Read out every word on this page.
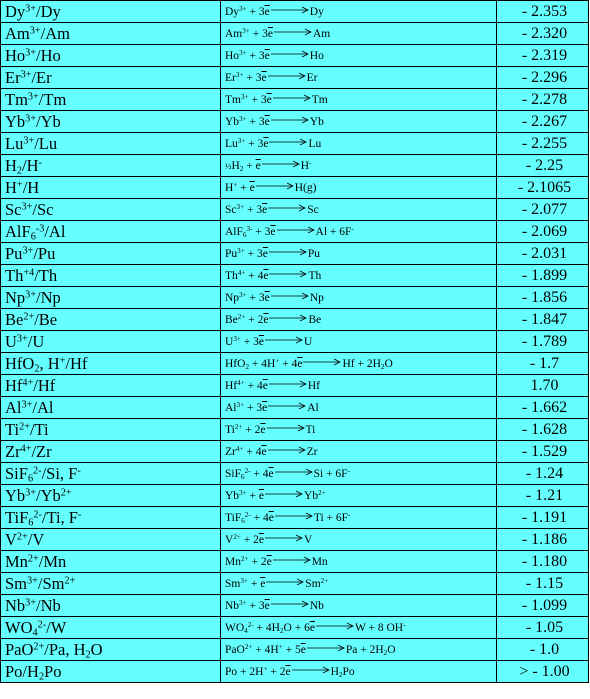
$Dy^{3+}/Dy$	$Dy^{3+} + 3\overline{e}\to Dy$	- 2.353
$Am^{3+}/Am$	$Am^{3+} + 3\overline{e}\to Am$	- 2.320
$Ho^{3+}/Ho$	$Ho^{3+} + 3\overline{e}\to Ho$	- 2.319
$Er^{3+}/Er$	$Er^{3+} + 3\overline{e}\to Er$	- 2.296
$Tm^{3+}/Tm$	$Tm^{3+} + 3\overline{e}\to Tm$	- 2.278
$Yb^{3+}/Yb$	$Yb^{3+} + 3\overline{e}\to Yb$	- 2.267
$Lu^{3+}/Lu$	$Lu^{3+} + 3\overline{e}\to Lu$	- 2.255
$H_2/H^-$	$\frac{1}{2}H_2 + \overline{e}\to H^-$	- 2.25
H+/H	$H^+ + \overline{e}\to H(g)$	- 2.1065
$Sc^{3+}/Sc$	$Sc^{3+} + 3\overline{e}\to Sc$	- 2.077
AlF$_6^{-3}$/Al	$AlF_6^{3-} + 3\overline{e}\to Al + 6F^-$	- 2.069
$Pu^{3+}/Pu$	$Pu^{3+} + 3\overline{e}\to Pu$	- 2.031
$Th^{+4}/Th$	$Th^{4+} + 4\overline{e}\to Th$	- 1.899
$Np^{3+}/Np$	$Np^{3+} + 3\overline{e}\to Np$	- 1.856
$Be^{2+}/Be$	$Be^{2+} + 2\overline{e}\to Be$	- 1.847
$U^{3+}/U$	$U^{3+} + 3\overline{e}\to U$	- 1.789
HfO$_2$, H+/Hf	$HfO_2 + 4H^+ + 4\overline{e}\to Hf + 2H_2O$	- 1.7
$Hf^{4+}/Hf$	$Hf^{4+} + 4\overline{e}\to Hf$	1.70
$Al^{3+}/Al$	$Al^{3+} + 3\overline{e}\to Al$	- 1.662
$Ti^{2+}/Ti$	$Ti^{2+} + 2\overline{e}\to Ti$	- 1.628
$Zr^{4+}/Zr$	$Zr^{4+} + 4\overline{e}\to Zr$	- 1.529
SiF$_6^{2-}$/Si, F-	$SiF_6^{2-} + 4\overline{e}\to Si + 6F^-$	- 1.24
$Yb^{3+}/Yb^{2+}$	$Yb^{3+} + \overline{e}\to Yb^{2+}$	- 1.21
TiF$_6^{2-}$/Ti, F-	$TiF_6^{2-} + 4\overline{e}\to Ti + 6F^-$	- 1.191
$V^{2+}/V$	$V^{2+} + 2\overline{e}\to V$	- 1.186
$Mn^{2+}/Mn$	$Mn^{2+} + 2\overline{e}\to Mn$	- 1.180
$Sm^{3+}/Sm^{2+}$	$Sm^{3+} + \overline{e}\to Sm^{2+}$	- 1.15
$Nb^{3+}/Nb$	$Nb^{3+} + 3\overline{e}\to Nb$	- 1.099
$WO_4^{2-}/W$	$WO_4^{2-} + 4H_2O + 6\overline{e}\to W + 8$ OH-	- 1.05
PaO$^{2+}$/Pa, $H_2O$	$PaO^{2+} + 4H^+ + 5\overline{e}\to Pa + 2H_2O$	- 1.0
$Po/H_2Po$	$Po + 2H^+ + 2\overline{e}\to H_2Po$	> - 1.00
